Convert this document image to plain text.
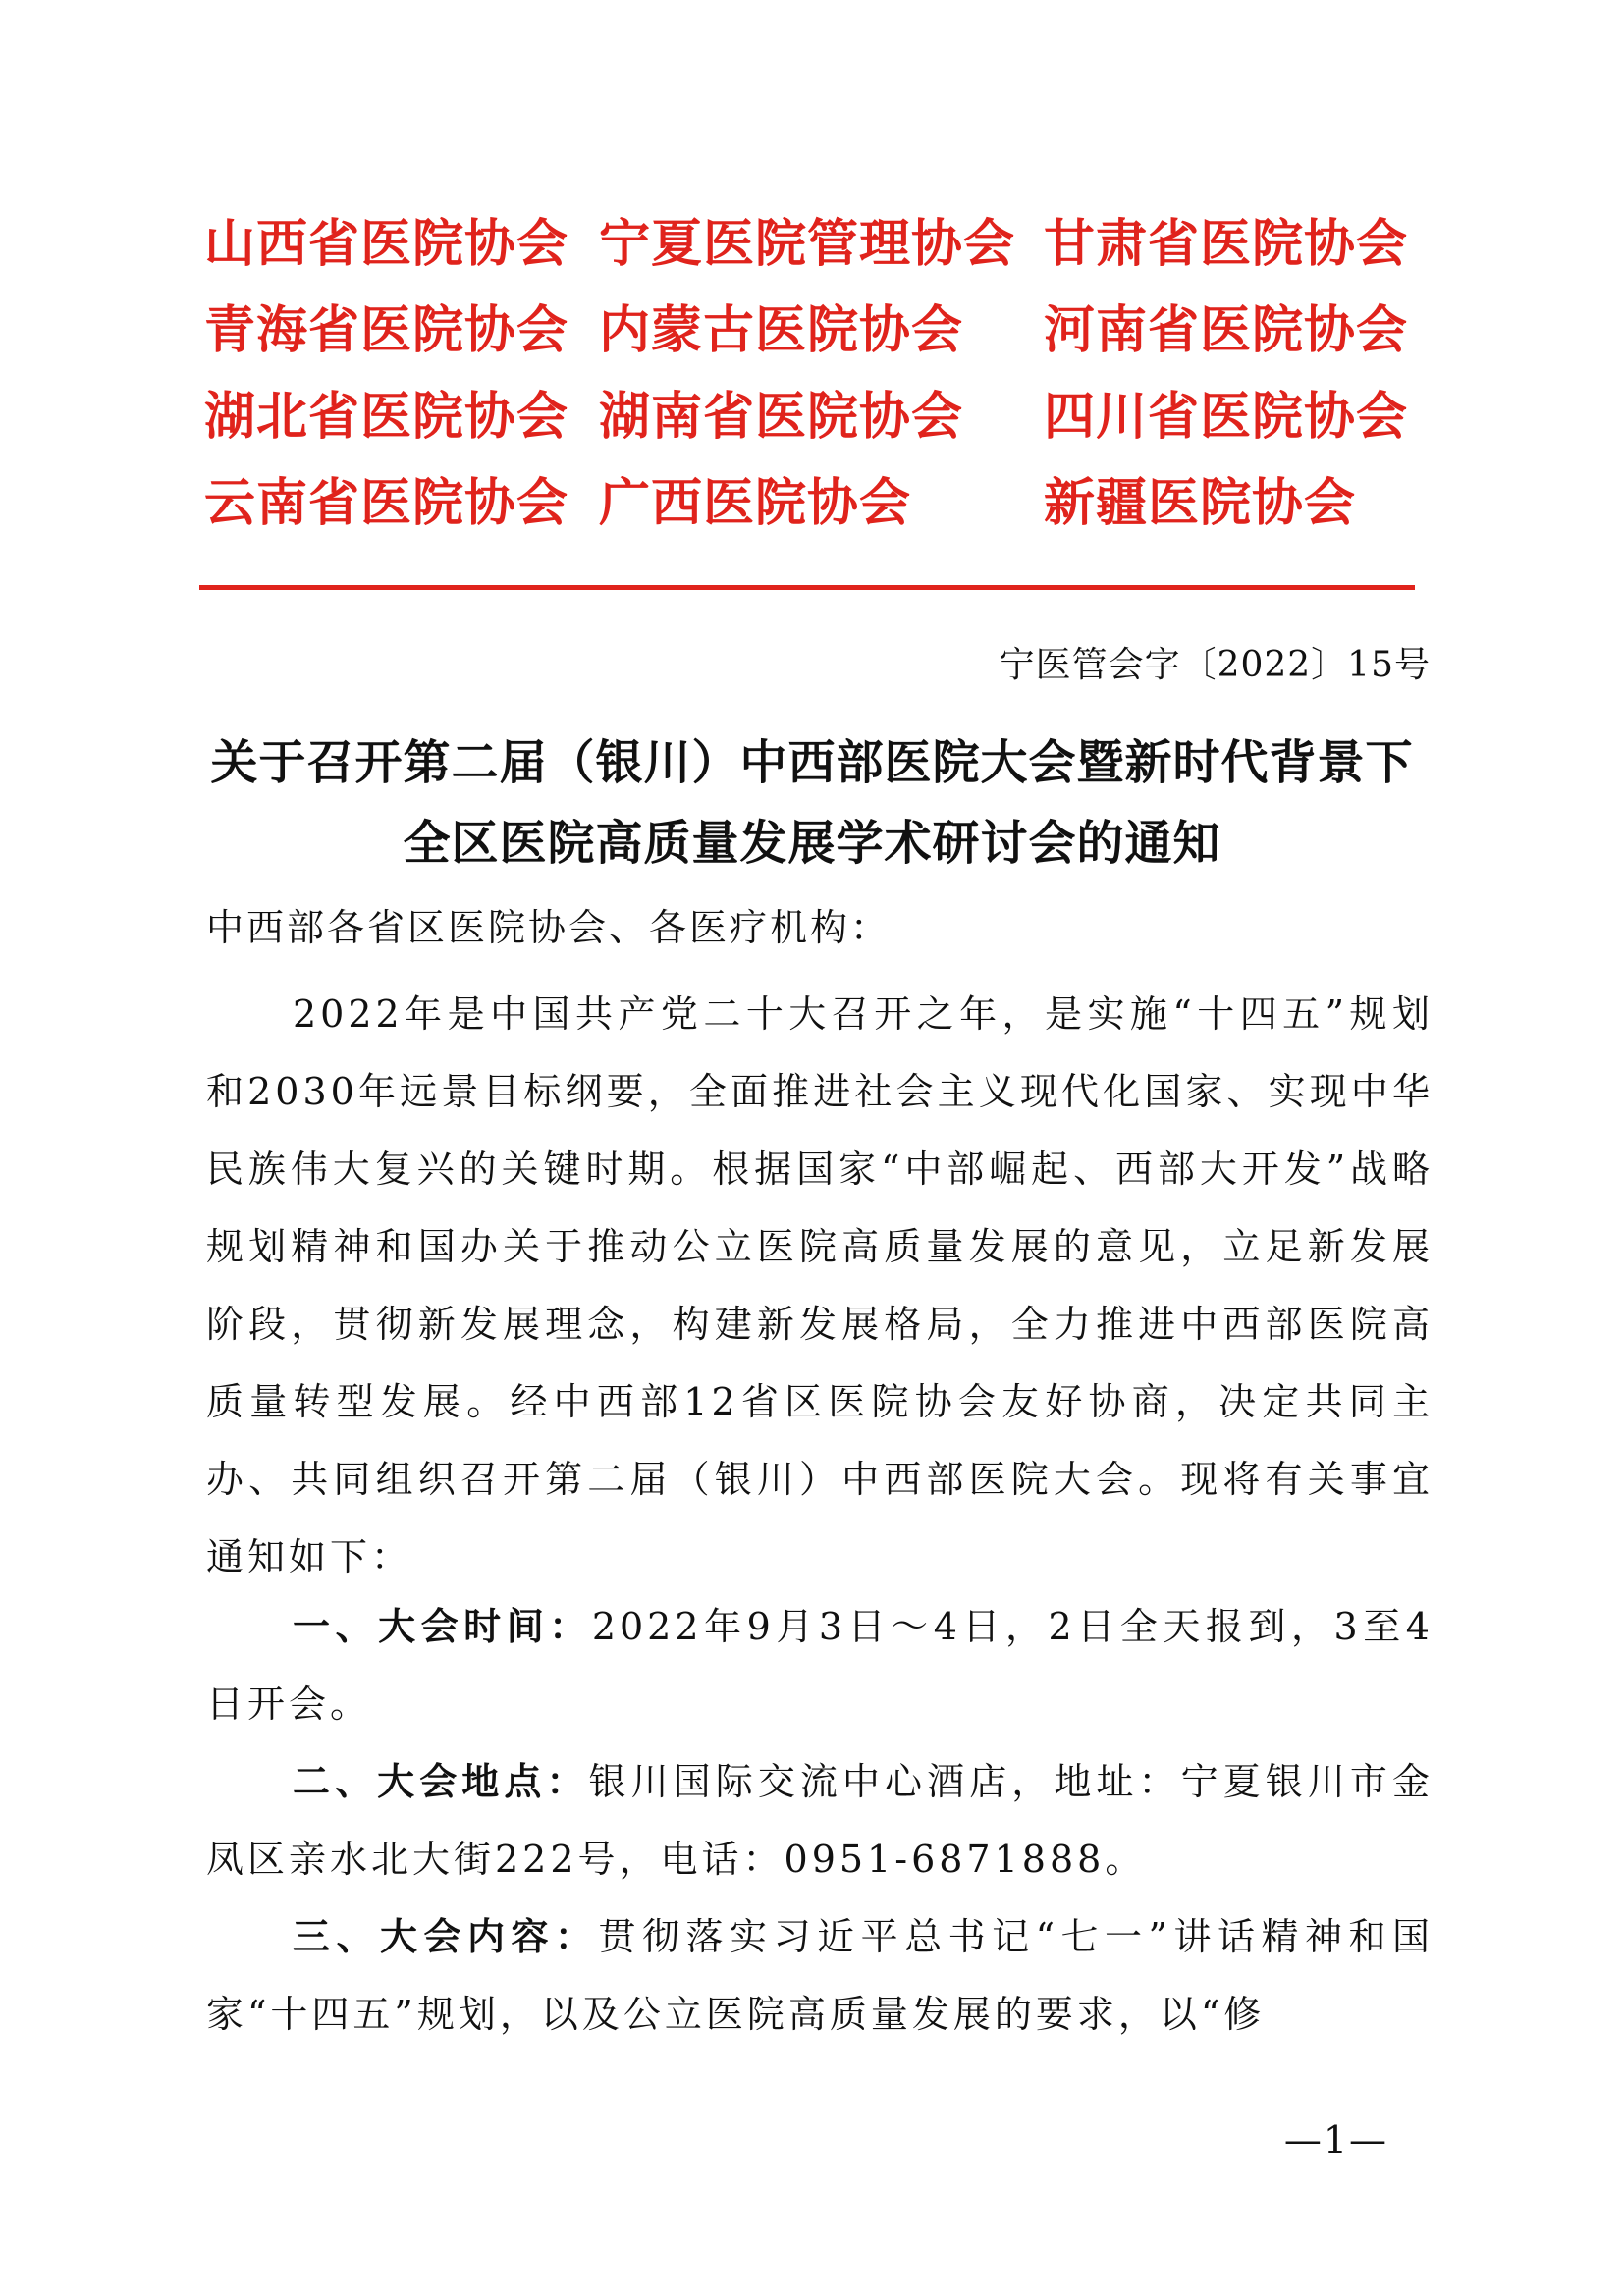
山西省医院协会 宁夏医院管理协会 甘肃省医院协会
青海省医院协会 内蒙古医院协会 河南省医院协会
湖北省医院协会 湖南省医院协会 四川省医院协会
云南省医院协会 广西医院协会	新疆医院协会
宁医管会字〔2022〕15号
关于召开第二届（银川）中西部医院大会暨新时代背景下
全区医院高质量发展学术研讨会的通知
中西部各省区医院协会、各医疗机构：
2022年是中国共产党二十大召开之年，是实施“十四五”规划和2030年远景目标纲要，全面推进社会主义现代化国家、实现中华民族伟大复兴的关键时期。根据国家“中部崛起、西部大开发”战略规划精神和国办关于推动公立医院高质量发展的意见，立足新发展阶段，贯彻新发展理念，构建新发展格局，全力推进中西部医院高质量转型发展。经中西部12省区医院协会友好协商，决定共同主办、共同组织召开第二届（银川）中西部医院大会。现将有关事宜通知如下：
一、大会时间：2022年9月3日～4日，2日全天报到，3至4日开会。
二、大会地点：银川国际交流中心酒店，地址：宁夏银川市金凤区亲水北大街222号，电话：0951-6871888。
三、大会内容：贯彻落实习近平总书记“七一”讲话精神和国家“十四五”规划，以及公立医院高质量发展的要求，以“修
—1—
